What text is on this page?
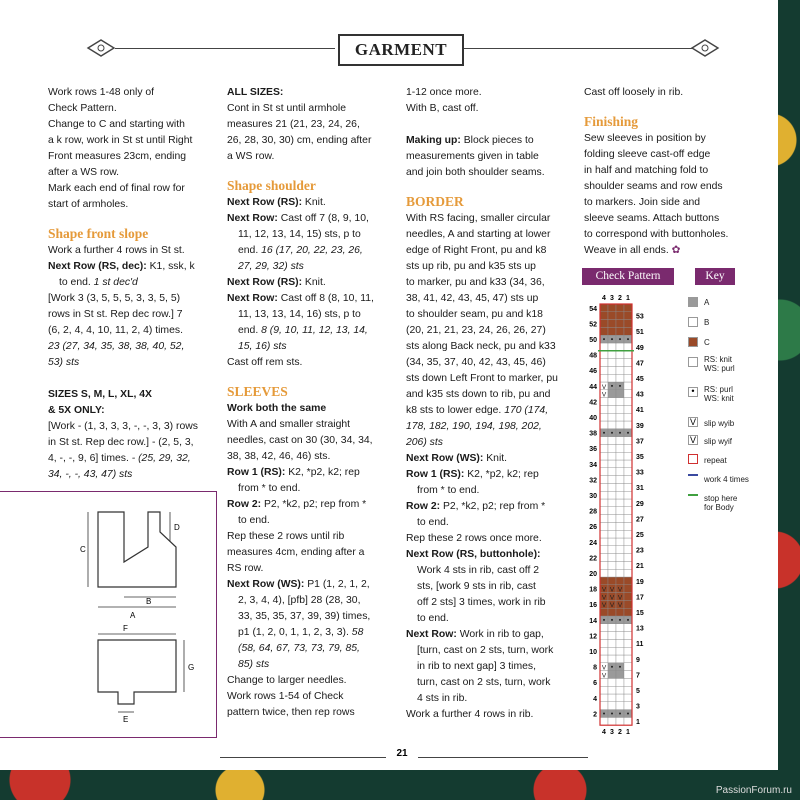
GARMENT

Work rows 1-48 only of

Check Pattern.

Change to C and starting with

a k row, work in St st until Right

Front measures 23cm, ending

after a WS row.

Mark each end of final row for

start of armholes.

Shape front slope

Work a further 4 rows in St st.

Next Row (RS, dec): K1, ssk, k

to end. 1 st dec'd

[Work 3 (3, 5, 5, 5, 3, 3, 5, 5)

rows in St st. Rep dec row.] 7

(6, 2, 4, 4, 10, 11, 2, 4) times.

23 (27, 34, 35, 38, 38, 40, 52,

53) sts

SIZES S, M, L, XL, 4X

& 5X ONLY:

[Work - (1, 3, 3, 3, -, -, 3, 3) rows

in St st. Rep dec row.] - (2, 5, 3,

4, -, -, 9, 6] times. - (25, 29, 32,

34, -, -, 43, 47) sts

A
B
C
D
F
G
E

ALL SIZES:

Cont in St st until armhole

measures 21 (21, 23, 24, 26,

26, 28, 30, 30) cm, ending after

a WS row.

Shape shoulder

Next Row (RS): Knit.

Next Row: Cast off 7 (8, 9, 10,

11, 12, 13, 14, 15) sts, p to

end. 16 (17, 20, 22, 23, 26,

27, 29, 32) sts

Next Row (RS): Knit.

Next Row: Cast off 8 (8, 10, 11,

11, 13, 13, 14, 16) sts, p to

end. 8 (9, 10, 11, 12, 13, 14,

15, 16) sts

Cast off rem sts.

SLEEVES

Work both the same

With A and smaller straight

needles, cast on 30 (30, 34, 34,

38, 38, 42, 46, 46) sts.

Row 1 (RS): K2, *p2, k2; rep

from * to end.

Row 2: P2, *k2, p2; rep from *

to end.

Rep these 2 rows until rib

measures 4cm, ending after a

RS row.

Next Row (WS): P1 (1, 2, 1, 2,

2, 3, 4, 4), [pfb] 28 (28, 30,

33, 35, 35, 37, 39, 39) times,

p1 (1, 2, 0, 1, 1, 2, 3, 3). 58

(58, 64, 67, 73, 73, 79, 85,

85) sts

Change to larger needles.

Work rows 1-54 of Check

pattern twice, then rep rows

1-12 once more.

With B, cast off.

Making up: Block pieces to

measurements given in table

and join both shoulder seams.

BORDER

With RS facing, smaller circular

needles, A and starting at lower

edge of Right Front, pu and k8

sts up rib, pu and k35 sts up

to marker, pu and k33 (34, 36,

38, 41, 42, 43, 45, 47) sts up

to shoulder seam, pu and k18

(20, 21, 21, 23, 24, 26, 26, 27)

sts along Back neck, pu and k33

(34, 35, 37, 40, 42, 43, 45, 46)

sts down Left Front to marker, pu

and k35 sts down to rib, pu and

k8 sts to lower edge. 170 (174,

178, 182, 190, 194, 198, 202,

206) sts

Next Row (WS): Knit.

Row 1 (RS): K2, *p2, k2; rep

from * to end.

Row 2: P2, *k2, p2; rep from *

to end.

Rep these 2 rows once more.

Next Row (RS, buttonhole):

Work 4 sts in rib, cast off 2

sts, [work 9 sts in rib, cast

off 2 sts] 3 times, work in rib

to end.

Next Row: Work in rib to gap,

[turn, cast on 2 sts, turn, work

in rib to next gap] 3 times,

turn, cast on 2 sts, turn, work

4 sts in rib.

Work a further 4 rows in rib.

Cast off loosely in rib.

Finishing

Sew sleeves in position by

folding sleeve cast-off edge

in half and matching fold to

shoulder seams and row ends

to markers. Join side and

sleeve seams. Attach buttons

to correspond with buttonholes.

Weave in all ends. ✿

Check Pattern	Key
V
V
V V V
V V V
V V V
V
V
4
4
3
3
2
2
1
1
54
52
50
48
46
44
42
40
38
36
34
32
30
28
26
24
22
20
18
16
14
12
10
8
6
4
2
53
51
49
47
45
43
41
39
37
35
33
31
29
27
25
23
21
19
17
15
13
11
9
7
5
3
1
A
B
C
RS: knit
WS: purl
•	RS: purl
WS: knit
V slip wyib
V slip wyif
repeat
work 4 times
stop here
for Body
21
PassionForum.ru
